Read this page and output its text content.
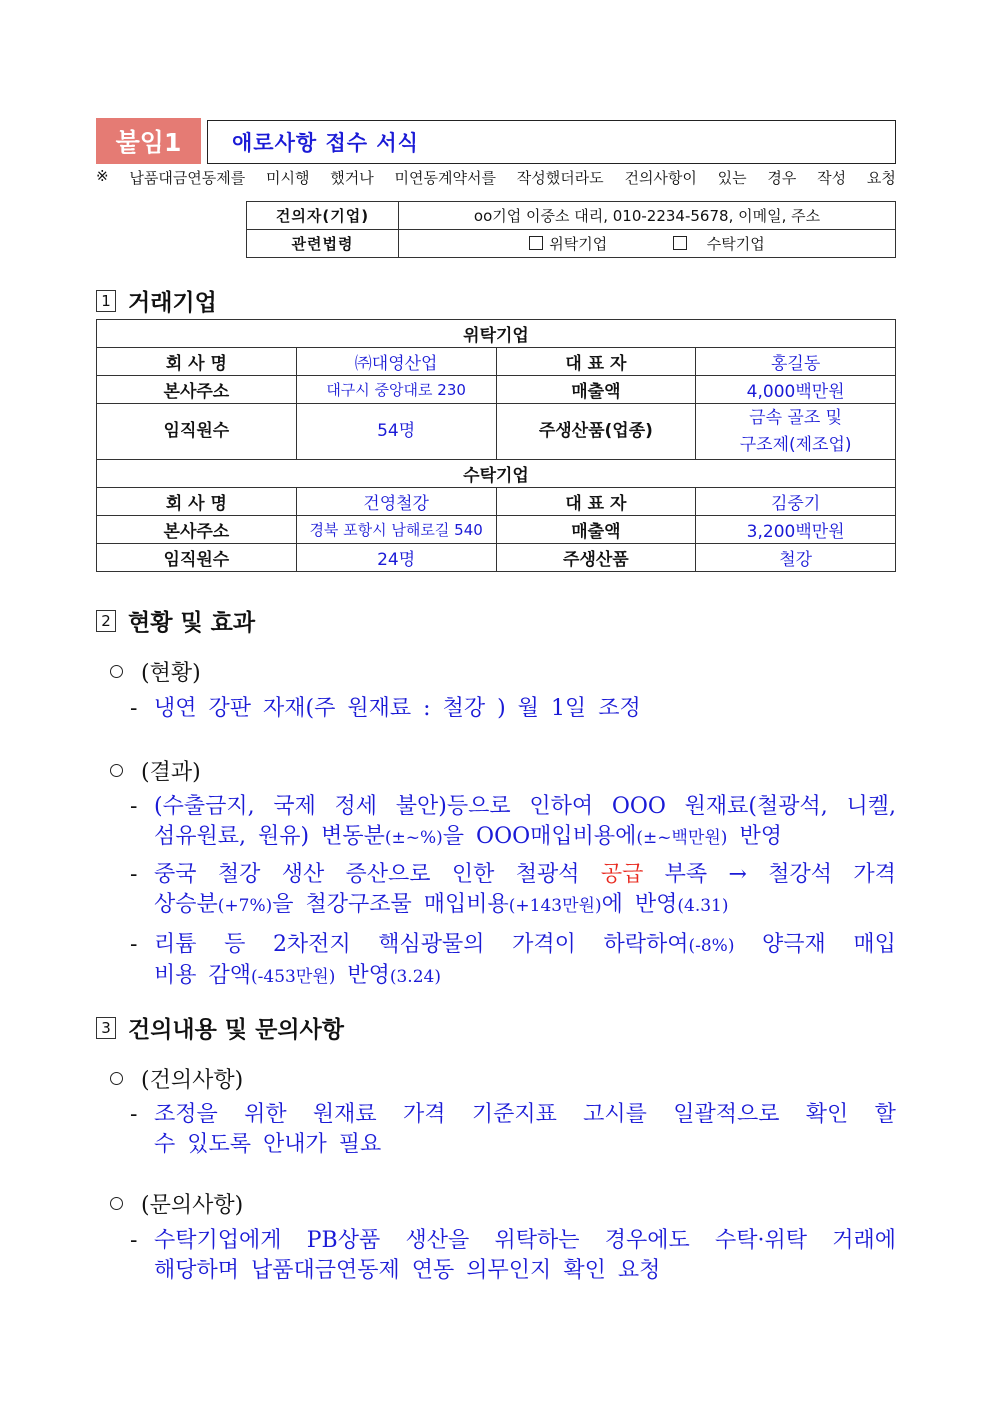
붙임1	애로사항 접수 서식
※ 납품대금연동제를 미시행 했거나 미연동계약서를 작성했더라도 건의사항이 있는 경우 작성 요청
건의자(기업)	oo기업 이중소 대리, 010-2234-5678, 이메일, 주소
관련법령	위탁기업 수탁기업
1 거래기업
위탁기업			
회 사 명	㈜대영산업	대 표 자	홍길동
본사주소	대구시 중앙대로 230	매출액	4,000백만원
임직원수	54명	주생산품(업종)	금속 골조 및
구조제(제조업)

수탁기업			
회 사 명	건영철강	대 표 자	김중기
본사주소	경북 포항시 남해로길 540	매출액	3,200백만원
임직원수	24명	주생산품	철강
2 현황 및 효과
(현황)
- 냉연 강판 자재(주 원재료 : 철강 ) 월 1일 조정
(결과)
- (수출금지, 국제 정세 불안)등으로 인하여 OOO 원재료(철광석, 니켈,
섬유원료, 원유) 변동분(±~%)을 OOO매입비용에(±~백만원) 반영
- 중국 철강 생산 증산으로 인한 철광석 공급 부족 → 철강석 가격
상승분(+7%)을 철강구조물 매입비용(+143만원)에 반영(4.31)
- 리튬 등 2차전지 핵심광물의 가격이 하락하여(-8%) 양극재 매입
비용 감액(-453만원) 반영(3.24)
3 건의내용 및 문의사항
(건의사항)
- 조정을 위한 원재료 가격 기준지표 고시를 일괄적으로 확인 할
수 있도록 안내가 필요
(문의사항)
- 수탁기업에게 PB상품 생산을 위탁하는 경우에도 수탁·위탁 거래에
해당하며 납품대금연동제 연동 의무인지 확인 요청
